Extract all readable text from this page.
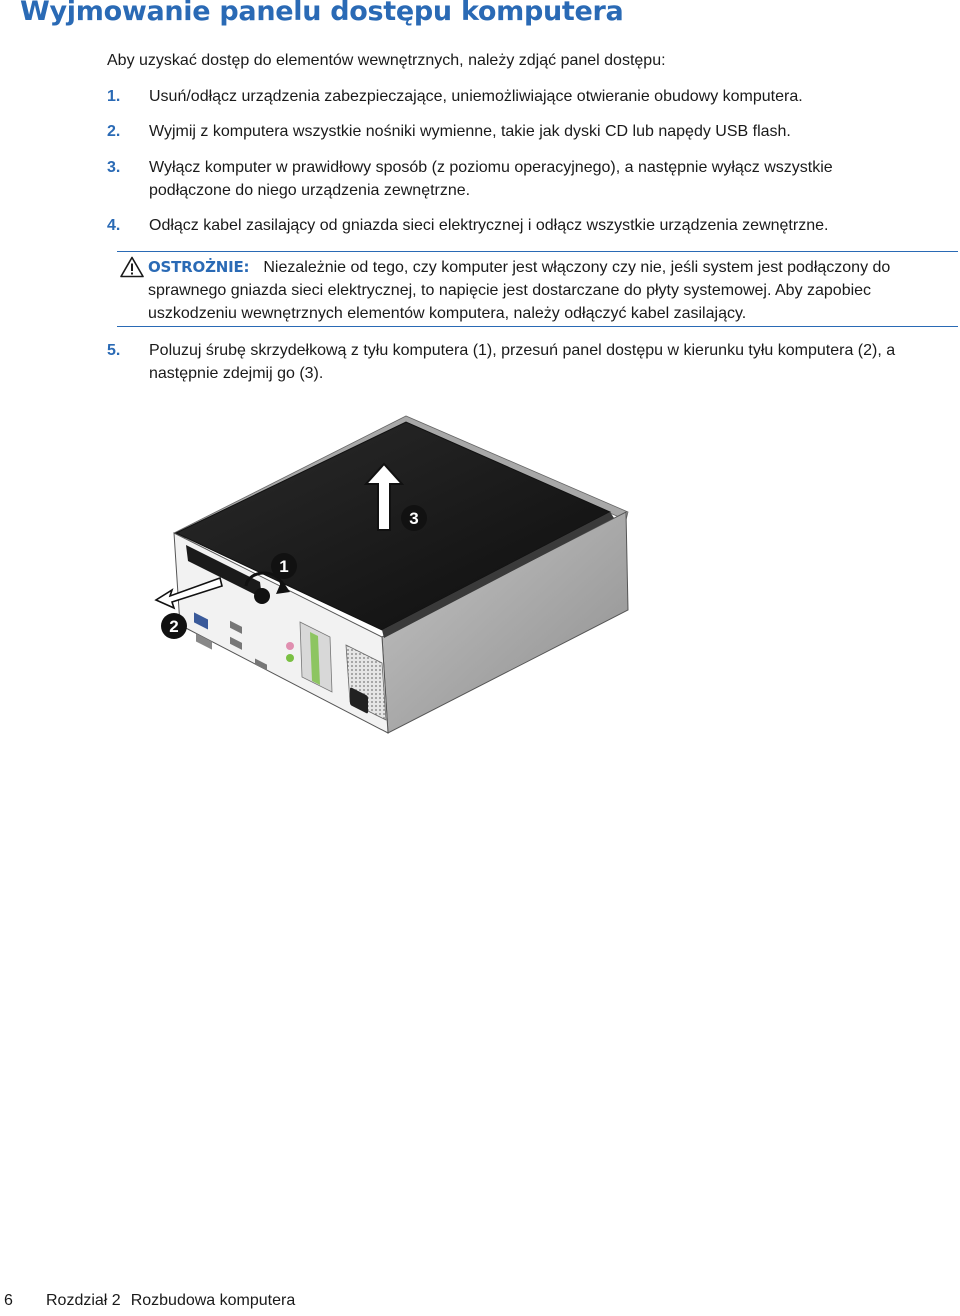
Wyjmowanie panelu dostępu komputera
Aby uzyskać dostęp do elementów wewnętrznych, należy zdjąć panel dostępu:
1. Usuń/odłącz urządzenia zabezpieczające, uniemożliwiające otwieranie obudowy komputera.
2. Wyjmij z komputera wszystkie nośniki wymienne, takie jak dyski CD lub napędy USB flash.
3. Wyłącz komputer w prawidłowy sposób (z poziomu operacyjnego), a następnie wyłącz wszystkie podłączone do niego urządzenia zewnętrzne.
4. Odłącz kabel zasilający od gniazda sieci elektrycznej i odłącz wszystkie urządzenia zewnętrzne.
OSTROŻNIE: Niezależnie od tego, czy komputer jest włączony czy nie, jeśli system jest podłączony do sprawnego gniazda sieci elektrycznej, to napięcie jest dostarczane do płyty systemowej. Aby zapobiec uszkodzeniu wewnętrznych elementów komputera, należy odłączyć kabel zasilający.
5. Poluzuj śrubę skrzydełkową z tyłu komputera (1), przesuń panel dostępu w kierunku tyłu komputera (2), a następnie zdejmij go (3).
1
2
3
6 Rozdział 2 Rozbudowa komputera
